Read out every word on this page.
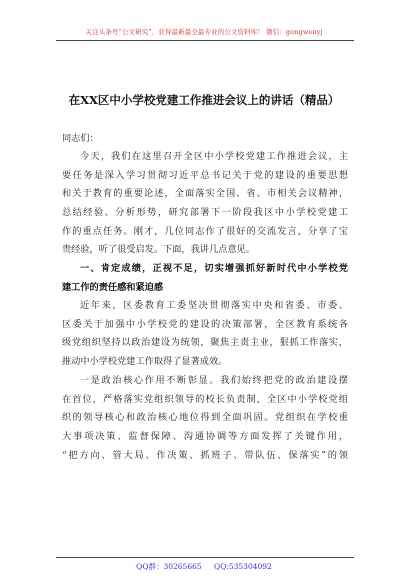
关注头条号“公文研究”，获得最新最全最专业的公文资料库！ 微信：gongwenyj
在XX区中小学校党建工作推进会议上的讲话（精品）
同志们：
今天，我们在这里召开全区中小学校党建工作推进会议，主
要任务是深入学习贯彻习近平总书记关于党的建设的重要思想
和关于教育的重要论述，全面落实全国、省、市相关会议精神，
总结经验、分析形势，研究部署下一阶段我区中小学校党建工
作的重点任务。刚才，几位同志作了很好的交流发言，分享了宝
贵经验，听了很受启发。下面，我讲几点意见。
一、肯定成绩，正视不足，切实增强抓好新时代中小学校党
建工作的责任感和紧迫感
近年来，区委教育工委坚决贯彻落实中央和省委、市委、
区委关于加强中小学校党的建设的决策部署，全区教育系统各
级党组织坚持以政治建设为统领，聚焦主责主业，狠抓工作落实，
推动中小学校党建工作取得了显著成效。
一是政治核心作用不断彰显。我们始终把党的政治建设摆
在首位，严格落实党组织领导的校长负责制，全区中小学校党组
织的领导核心和政治核心地位得到全面巩固。党组织在学校重
大事项决策、监督保障、沟通协调等方面发挥了关键作用，
“把方向、管大局、作决策、抓班子、带队伍、保落实”的领
QQ群：30265665 QQ:535304092
